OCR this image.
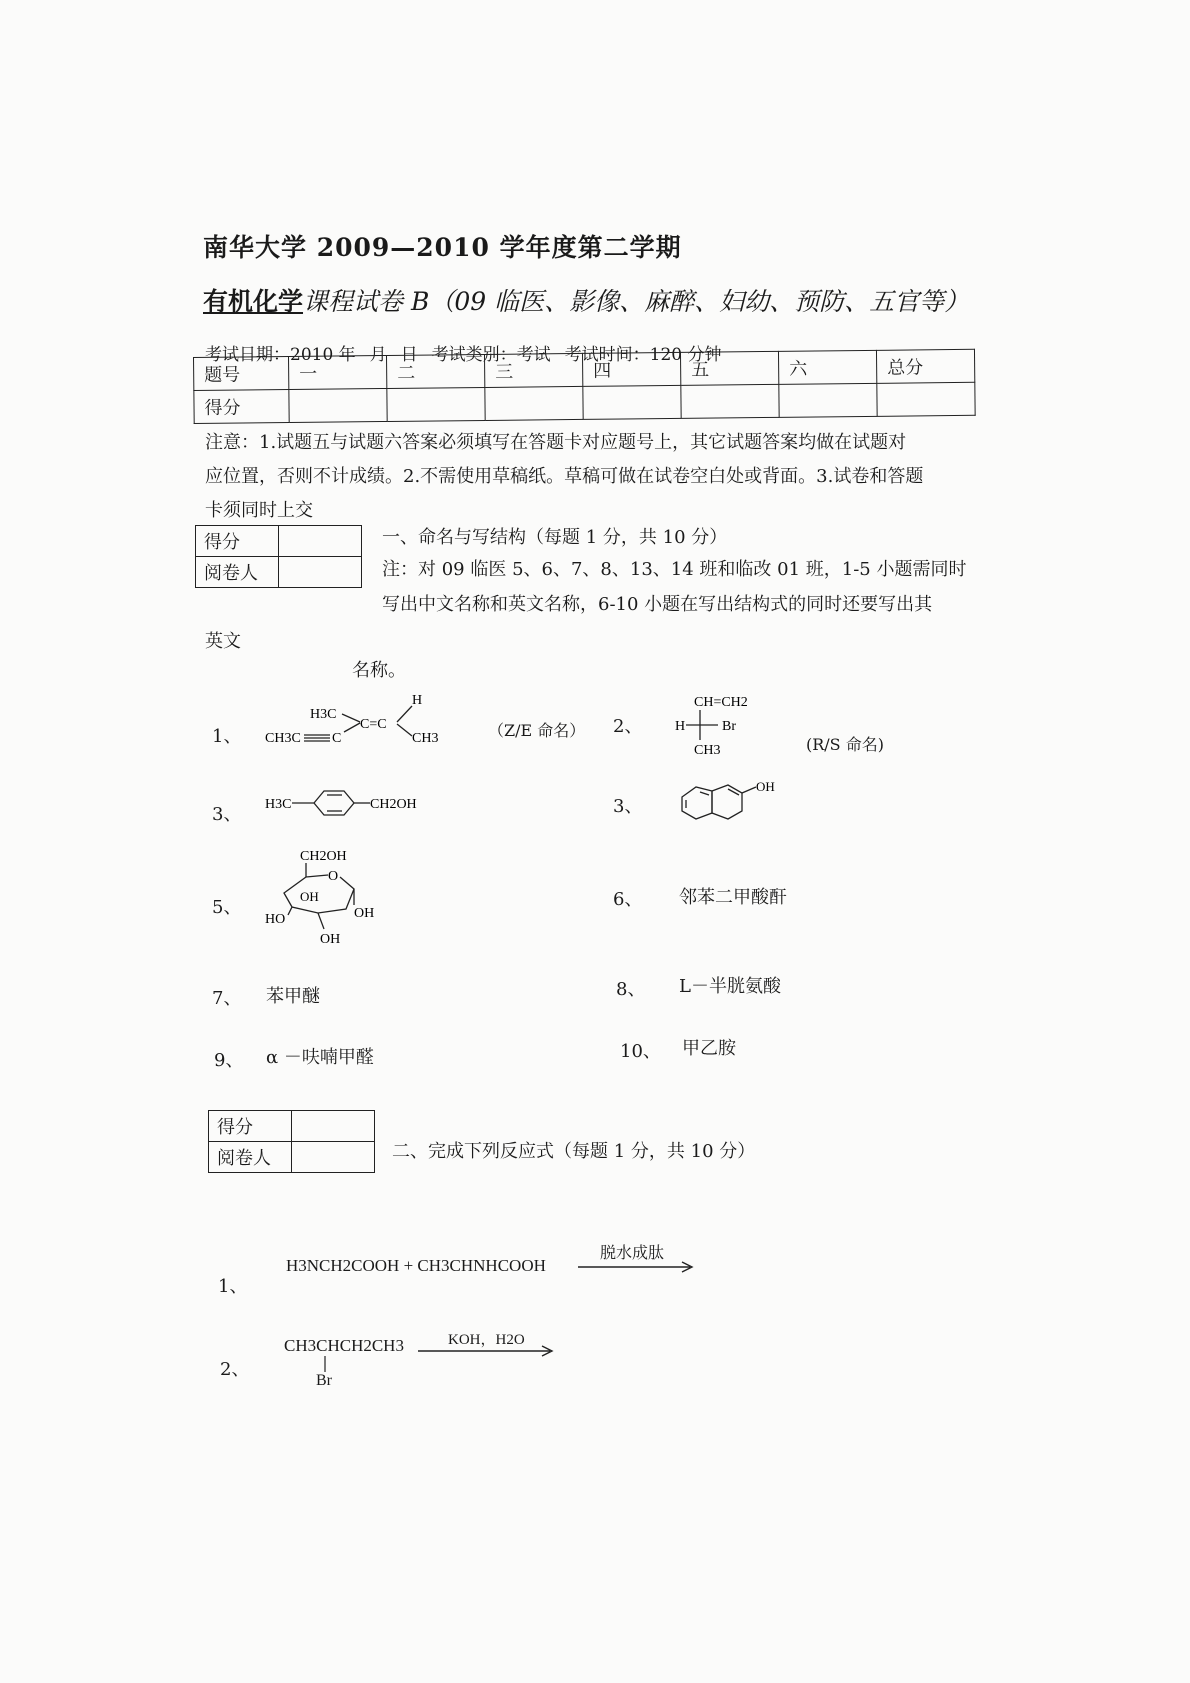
南华大学 2009—2010 学年度第二学期
有机化学课程试卷 B（09 临医、影像、麻醉、妇幼、预防、五官等）
考试日期：2010 年 月 日 考试类别：考试 考试时间：120 分钟
题号	一	二	三	四	五	六	总分
得分							
注意：1.试题五与试题六答案必须填写在答题卡对应题号上，其它试题答案均做在试题对
应位置，否则不计成绩。2.不需使用草稿纸。草稿可做在试卷空白处或背面。3.试卷和答题
卡须同时上交
得分	
阅卷人	
一、命名与写结构（每题 1 分，共 10 分）
注：对 09 临医 5、6、7、8、13、14 班和临改 01 班，1-5 小题需同时
写出中文名称和英文名称，6-10 小题在写出结构式的同时还要写出其
英文
名称。
1、	（Z/E 命名） 2、
(R/S 命名)
3、	3、
5、	6、 邻苯二甲酸酐
7、 苯甲醚	8、 L－半胱氨酸
9、 α －呋喃甲醛	10、 甲乙胺
H3C
H
C=C
CH3C C	CH3
CH=CH2
H	Br
CH3
H3C	CH2OH
OH
CH2OH
O
OH
HO	OH
OH
得分	
阅卷人		二、完成下列反应式（每题 1 分，共 10 分）
1、
H3NCH2COOH + CH3CHNHCOOH
脱水成肽
2、
CH3CHCH2CH3
Br
KOH，H2O
